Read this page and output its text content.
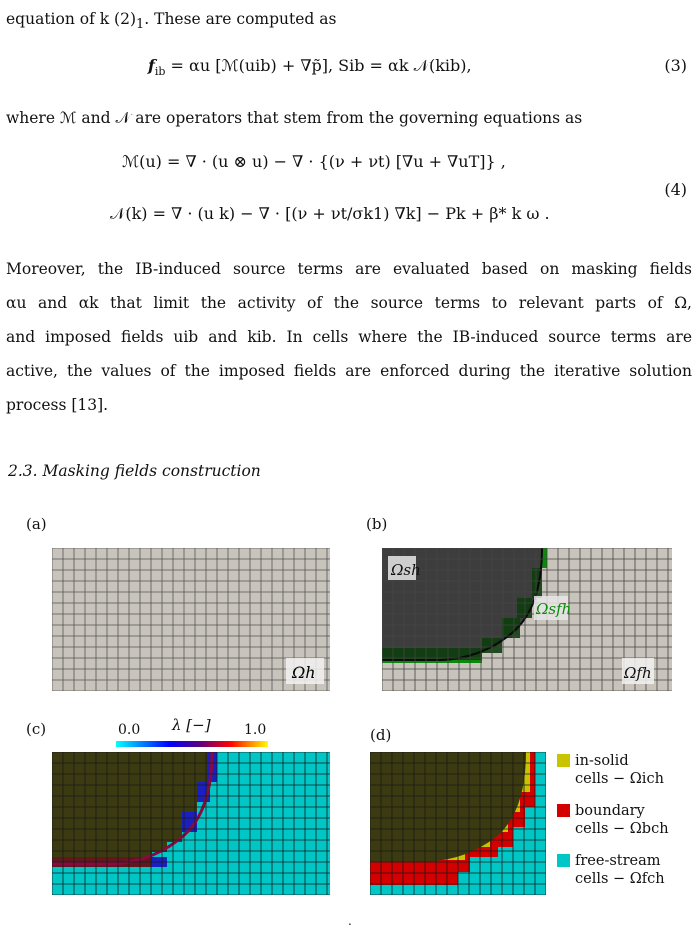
equation of k $(2)_1$. These are computed as
$f_{ib} = \alpha u$ [ℳ(uib) + ∇p̃], Sib = αk 𝒩(kib),	(3)
where ℳ and 𝒩 are operators that stem from the governing equations as
ℳ(u) = ∇ · (u ⊗ u) − ∇ · {(ν + νt) [∇u + ∇uT]} ,
𝒩(k) = ∇ · (u k) − ∇ · [(ν + νt/σk1) ∇k] − Pk + β* k ω .
(4)
Moreover, the IB-induced source terms are evaluated based on masking fields
αu and αk that limit the activity of the source terms to relevant parts of Ω,
and imposed fields uib and kib. In cells where the IB-induced source terms are
active, the values of the imposed fields are enforced during the iterative solution
process [13].
2.3. Masking fields construction
(a)	(b)
(c)	(d)
Ωh
Ωsh
Ωsfh
Ωfh
0.0 λ [−] 1.0
in-solid
cells − Ωich
boundary
cells − Ωbch
free-stream
cells − Ωfch
.
